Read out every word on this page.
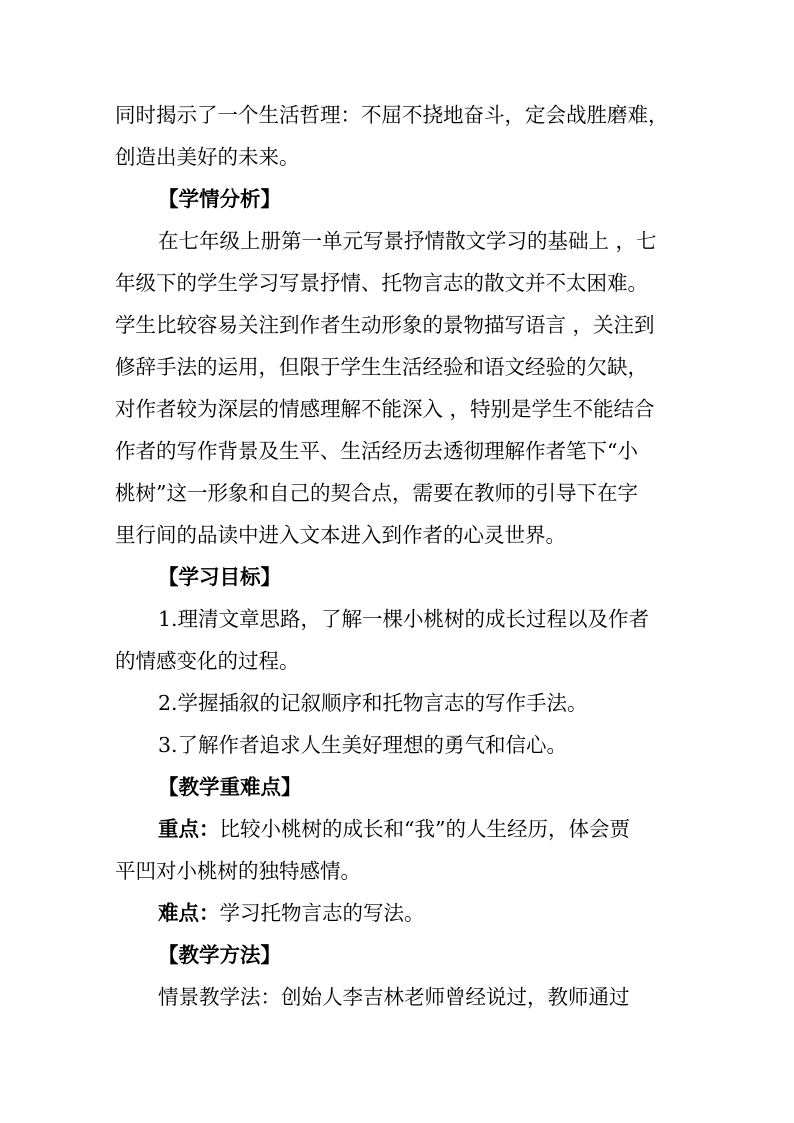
同时揭示了一个生活哲理：不屈不挠地奋斗，定会战胜磨难，
创造出美好的未来。
【学情分析】
在七年级上册第一单元写景抒情散文学习的基础上 ，七
年级下的学生学习写景抒情、托物言志的散文并不太困难。
学生比较容易关注到作者生动形象的景物描写语言 ，关注到
修辞手法的运用，但限于学生生活经验和语文经验的欠缺，
对作者较为深层的情感理解不能深入 ，特别是学生不能结合
作者的写作背景及生平、生活经历去透彻理解作者笔下“小
桃树”这一形象和自己的契合点，需要在教师的引导下在字
里行间的品读中进入文本进入到作者的心灵世界。
【学习目标】
1.理清文章思路，了解一棵小桃树的成长过程以及作者
的情感变化的过程。
2.学握插叙的记叙顺序和托物言志的写作手法。
3.了解作者追求人生美好理想的勇气和信心。
【教学重难点】
重点：比较小桃树的成长和“我”的人生经历，体会贾
平凹对小桃树的独特感情。
难点：学习托物言志的写法。
【教学方法】
情景教学法：创始人李吉林老师曾经说过，教师通过
